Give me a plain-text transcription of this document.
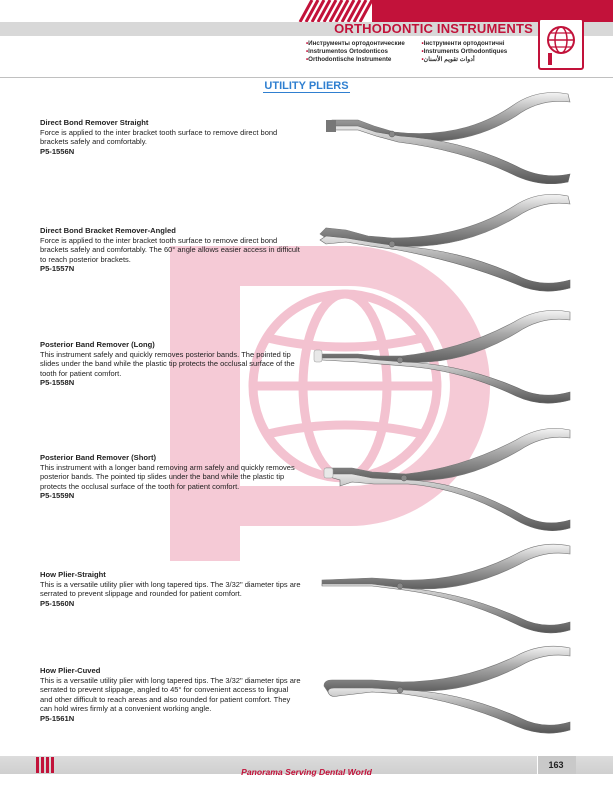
ORTHODONTIC INSTRUMENTS
• Инструменты ортодонтические	• Інструменти ортодонтичні
• Instrumentos Ortodonticos	• Instruments Orthodontiques
• Orthodontische Instrumente	• أدوات تقويم الأسنان
UTILITY PLIERS
Direct Bond Remover Straight
Force is applied to the inter bracket tooth surface to remove direct bond brackets safely and comfortably.
P5-1556N
Direct Bond Bracket Remover-Angled
Force is applied to the inter bracket tooth surface to remove direct bond brackets safely and comfortably. The 60° angle allows easier access in difficult to reach posterior brackets.
P5-1557N
Posterior Band Remover (Long)
This instrument safely and quickly removes posterior bands. The pointed tip slides under the band while the plastic tip protects the occlusal surface of the tooth for patient comfort.
P5-1558N
Posterior Band Remover (Short)
This instrument with a longer band removing arm safely and quickly removes posterior bands. The pointed tip slides under the band while the plastic tip protects the occlusal surface of the tooth for patient comfort.
P5-1559N
How Plier-Straight
This is a versatile utility plier with long tapered tips. The 3/32" diameter tips are serrated to prevent slippage and rounded for patient comfort.
P5-1560N
How Plier-Cuved
This is a versatile utility plier with long tapered tips. The 3/32" diameter tips are serrated to prevent slippage, angled to 45° for convenient access to lingual and other difficult to reach areas and also rounded for patient comfort. They can hold wires firmly at a convenient working angle.
P5-1561N
Panorama Serving Dental World
163
